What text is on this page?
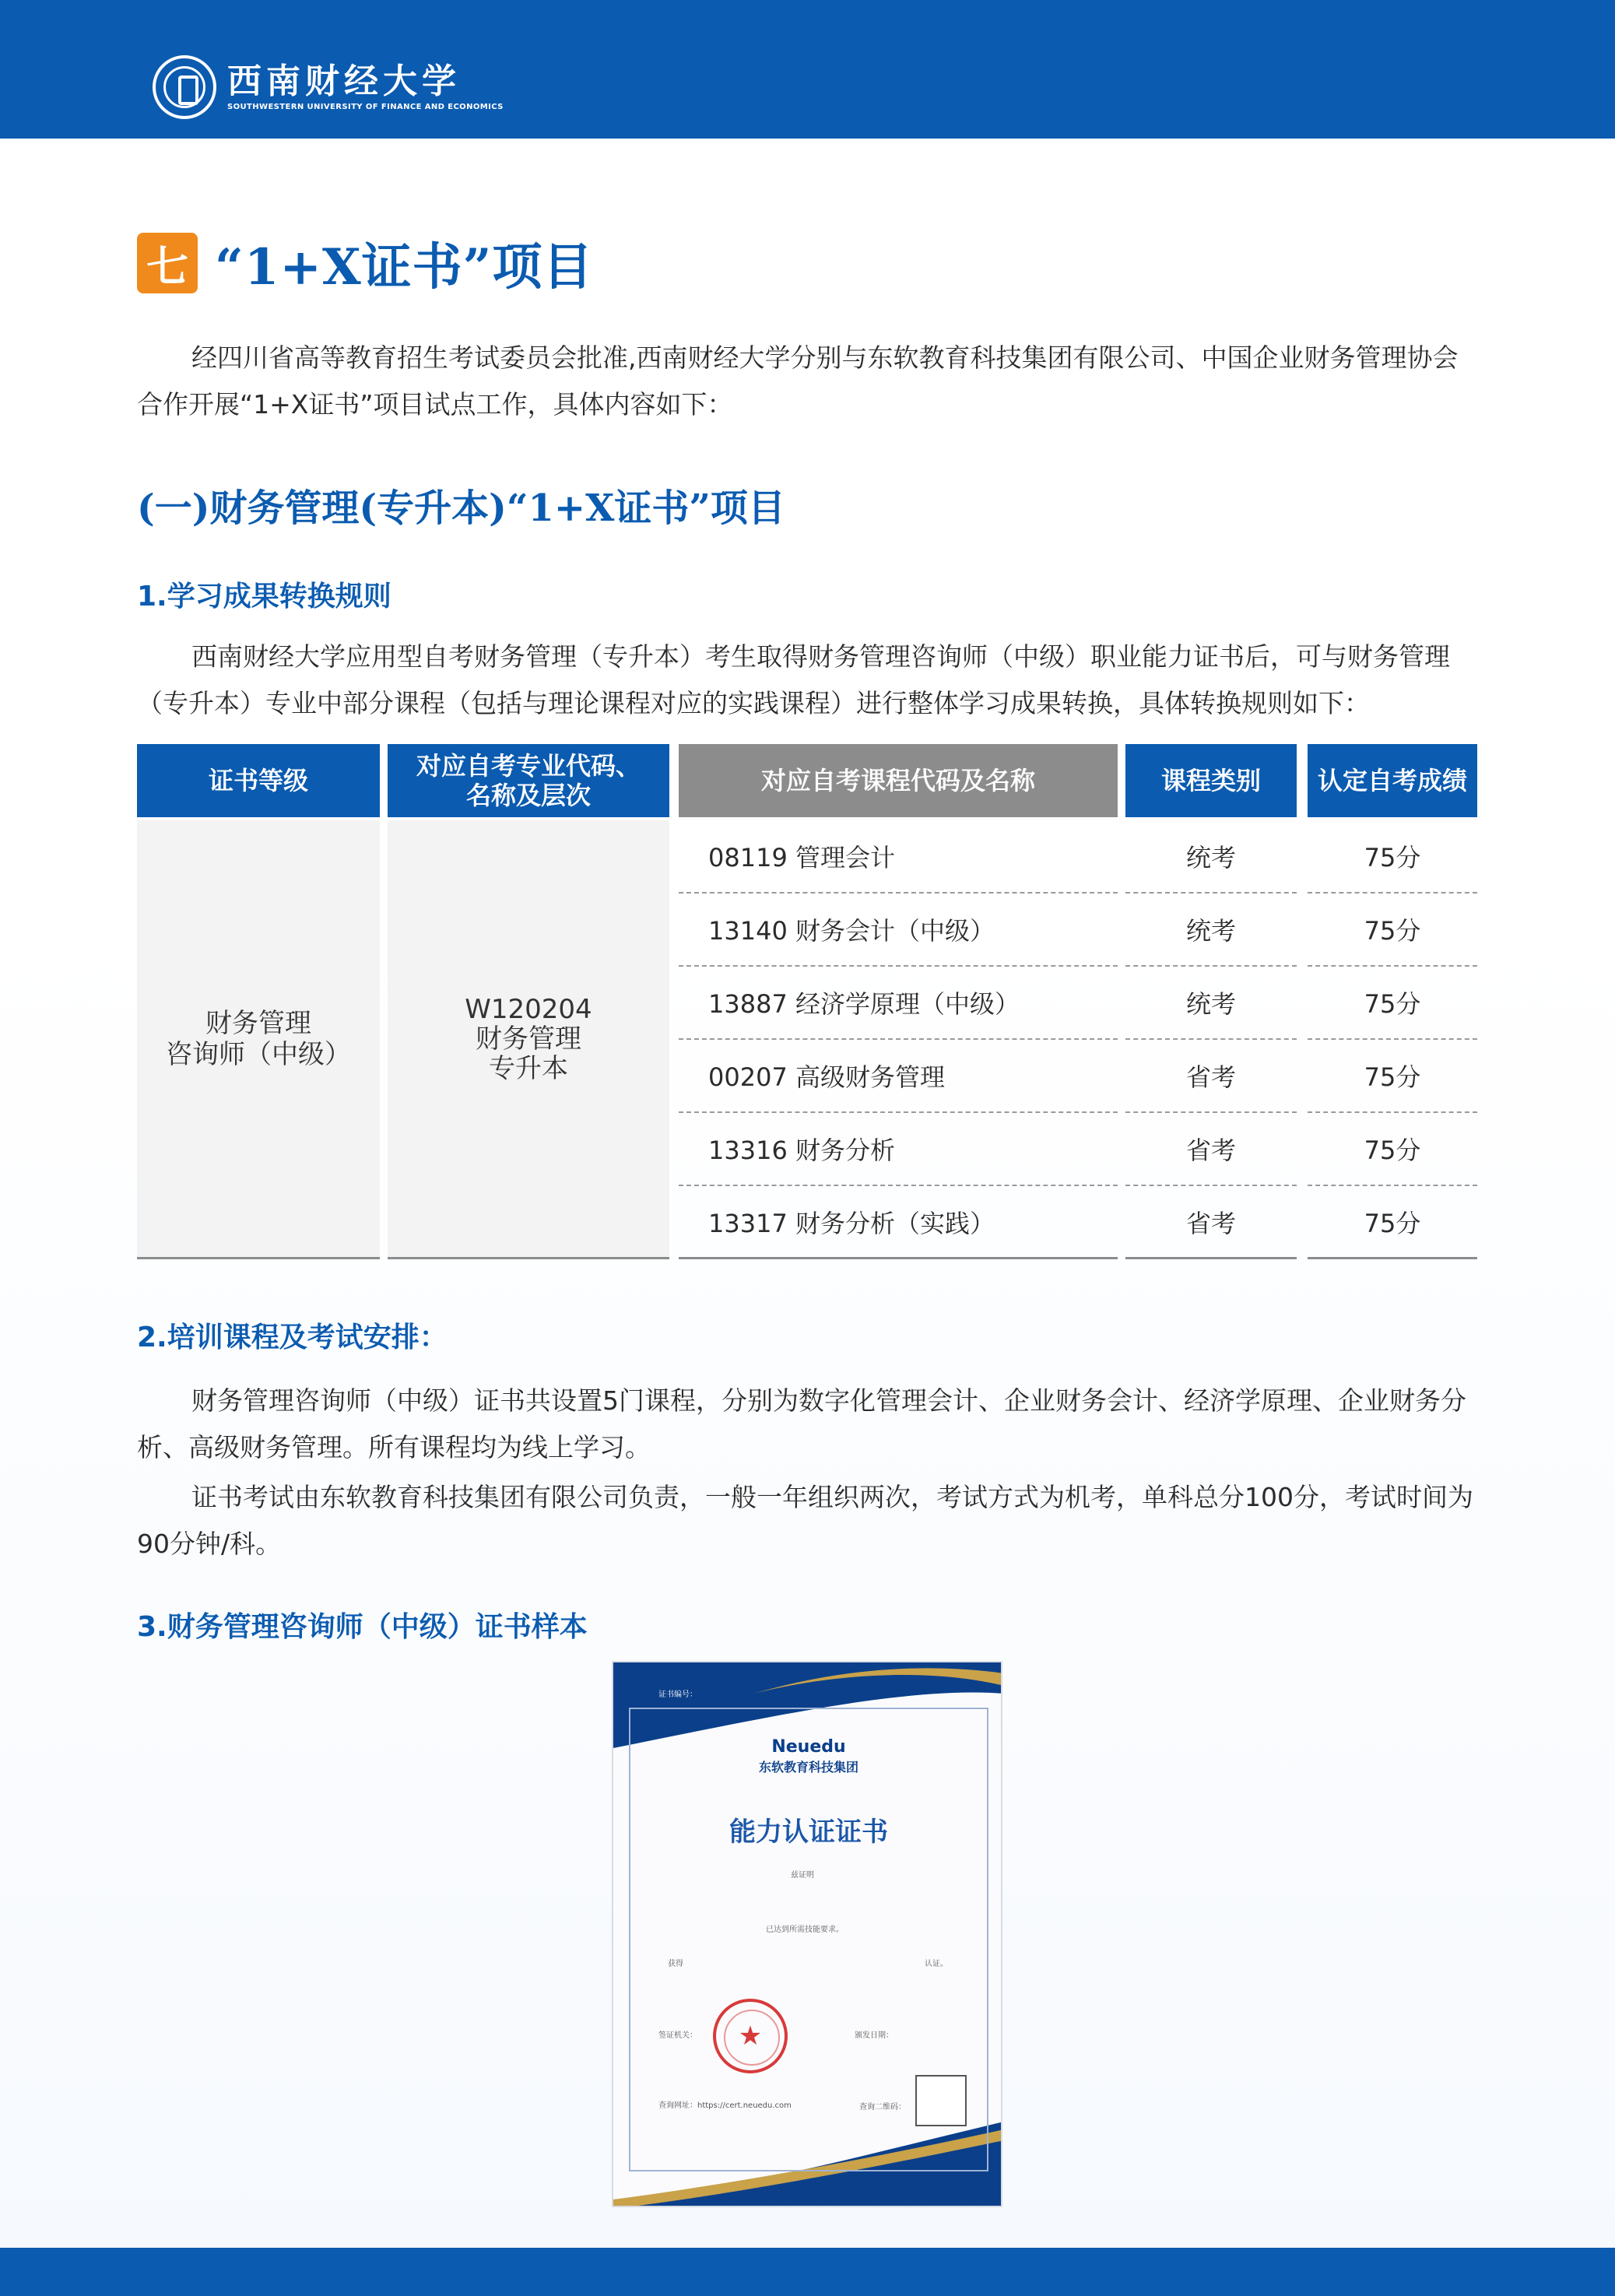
西南财经大学
SOUTHWESTERN UNIVERSITY OF FINANCE AND ECONOMICS
七 “1+X证书”项目
经四川省高等教育招生考试委员会批准,西南财经大学分别与东软教育科技集团有限公司、中国企业财务管理协会合作开展“1+X证书”项目试点工作，具体内容如下：
(一)财务管理(专升本)“1+X证书”项目
1.学习成果转换规则
西南财经大学应用型自考财务管理（专升本）考生取得财务管理咨询师（中级）职业能力证书后，可与财务管理（专升本）专业中部分课程（包括与理论课程对应的实践课程）进行整体学习成果转换，具体转换规则如下：
证书等级	对应自考专业代码、名称及层次	对应自考课程代码及名称	课程类别	认定自考成绩
财务管理
咨询师（中级）
W120204
财务管理
专升本
08119 管理会计	统考	75分
13140 财务会计（中级）	统考	75分
13887 经济学原理（中级）	统考	75分
00207 高级财务管理	省考	75分
13316 财务分析	省考	75分
13317 财务分析（实践）	省考	75分
2.培训课程及考试安排：
财务管理咨询师（中级）证书共设置5门课程，分别为数字化管理会计、企业财务会计、经济学原理、企业财务分析、高级财务管理。所有课程均为线上学习。
证书考试由东软教育科技集团有限公司负责，一般一年组织两次，考试方式为机考，单科总分100分，考试时间为90分钟/科。
3.财务管理咨询师（中级）证书样本
证书编号：
Neuedu
东软教育科技集团
能力认证证书
兹证明
已达到所需技能要求。
获得	认证。
签证机关：	颁发日期：
★
查询网址：https://cert.neuedu.com	查询二维码：
